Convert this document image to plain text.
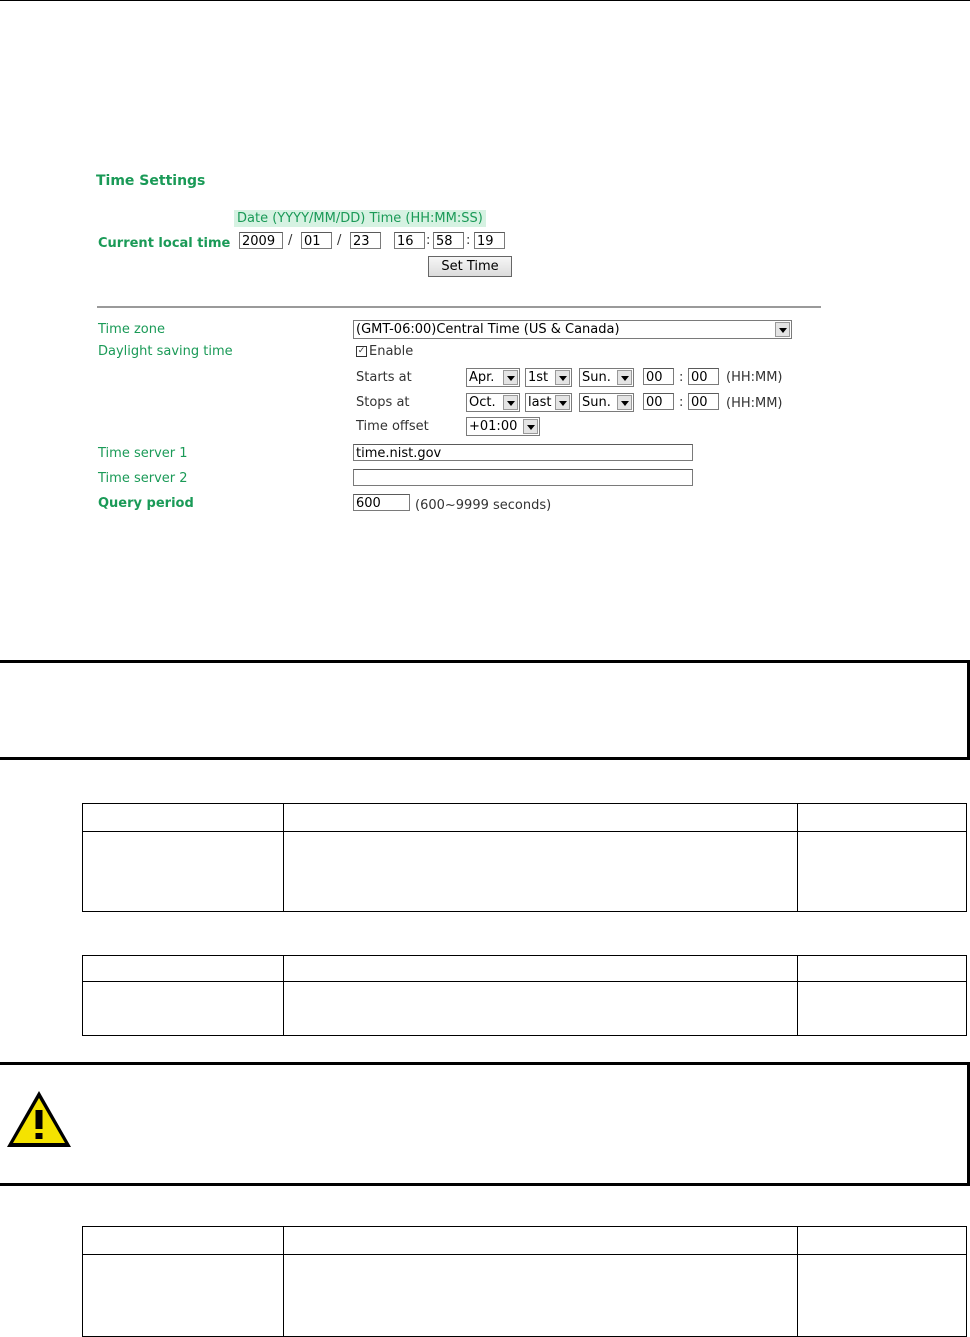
Time Settings
Date (YYYY/MM/DD) Time (HH:MM:SS)
Current local time 2009 / 01	/ 23	16 : 58	: 19
Set Time
Time zone	(GMT-06:00)Central Time (US & Canada)
Daylight saving time	✓ Enable
Starts at	Apr.	1st	Sun.	00	: 00	(HH:MM)
Stops at	Oct.	last	Sun.	00	: 00	(HH:MM)
Time offset	+01:00
Time server 1	time.nist.gov
Time server 2
Query period	600	(600~9999 seconds)
